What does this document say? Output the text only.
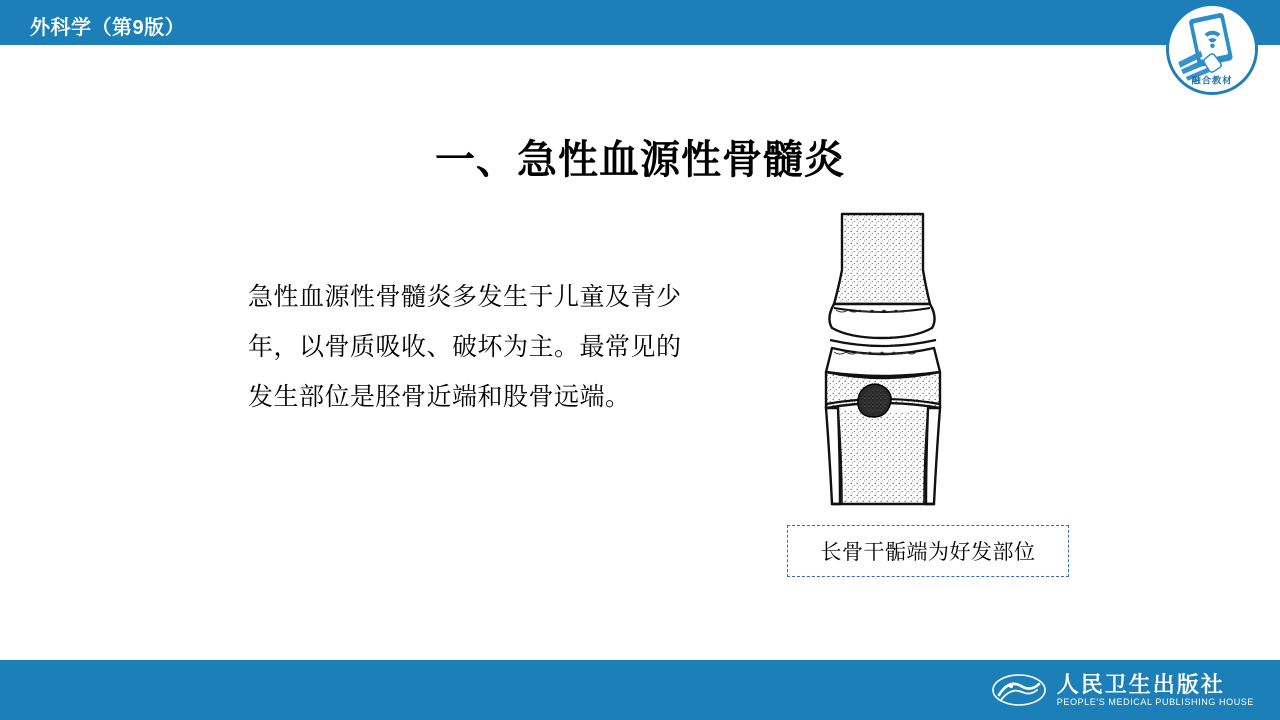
外科学（第9版）
融合教材
一、急性血源性骨髓炎
急性血源性骨髓炎多发生于儿童及青少年，以骨质吸收、破坏为主。最常见的发生部位是胫骨近端和股骨远端。
长骨干骺端为好发部位
人民卫生出版社
PEOPLE'S MEDICAL PUBLISHING HOUSE
